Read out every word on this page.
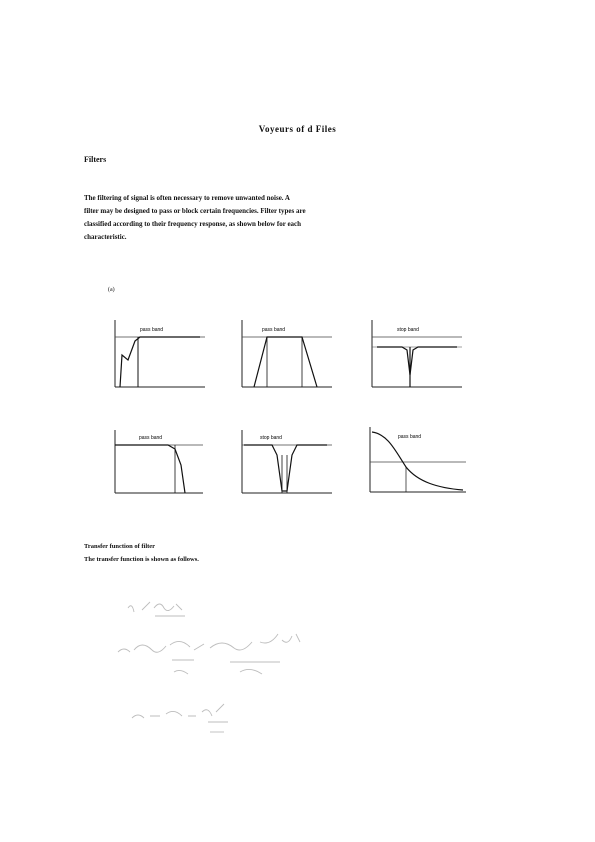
Voyeurs of d Files
Filters
The filtering of signal is often necessary to remove unwanted noise. A
filter may be designed to pass or block certain frequencies. Filter types are
classified according to their frequency response, as shown below for each
characteristic.
(a)
pass band	pass band	stop band
pass band	stop band	pass band
Transfer function of filter
The transfer function is shown as follows.
